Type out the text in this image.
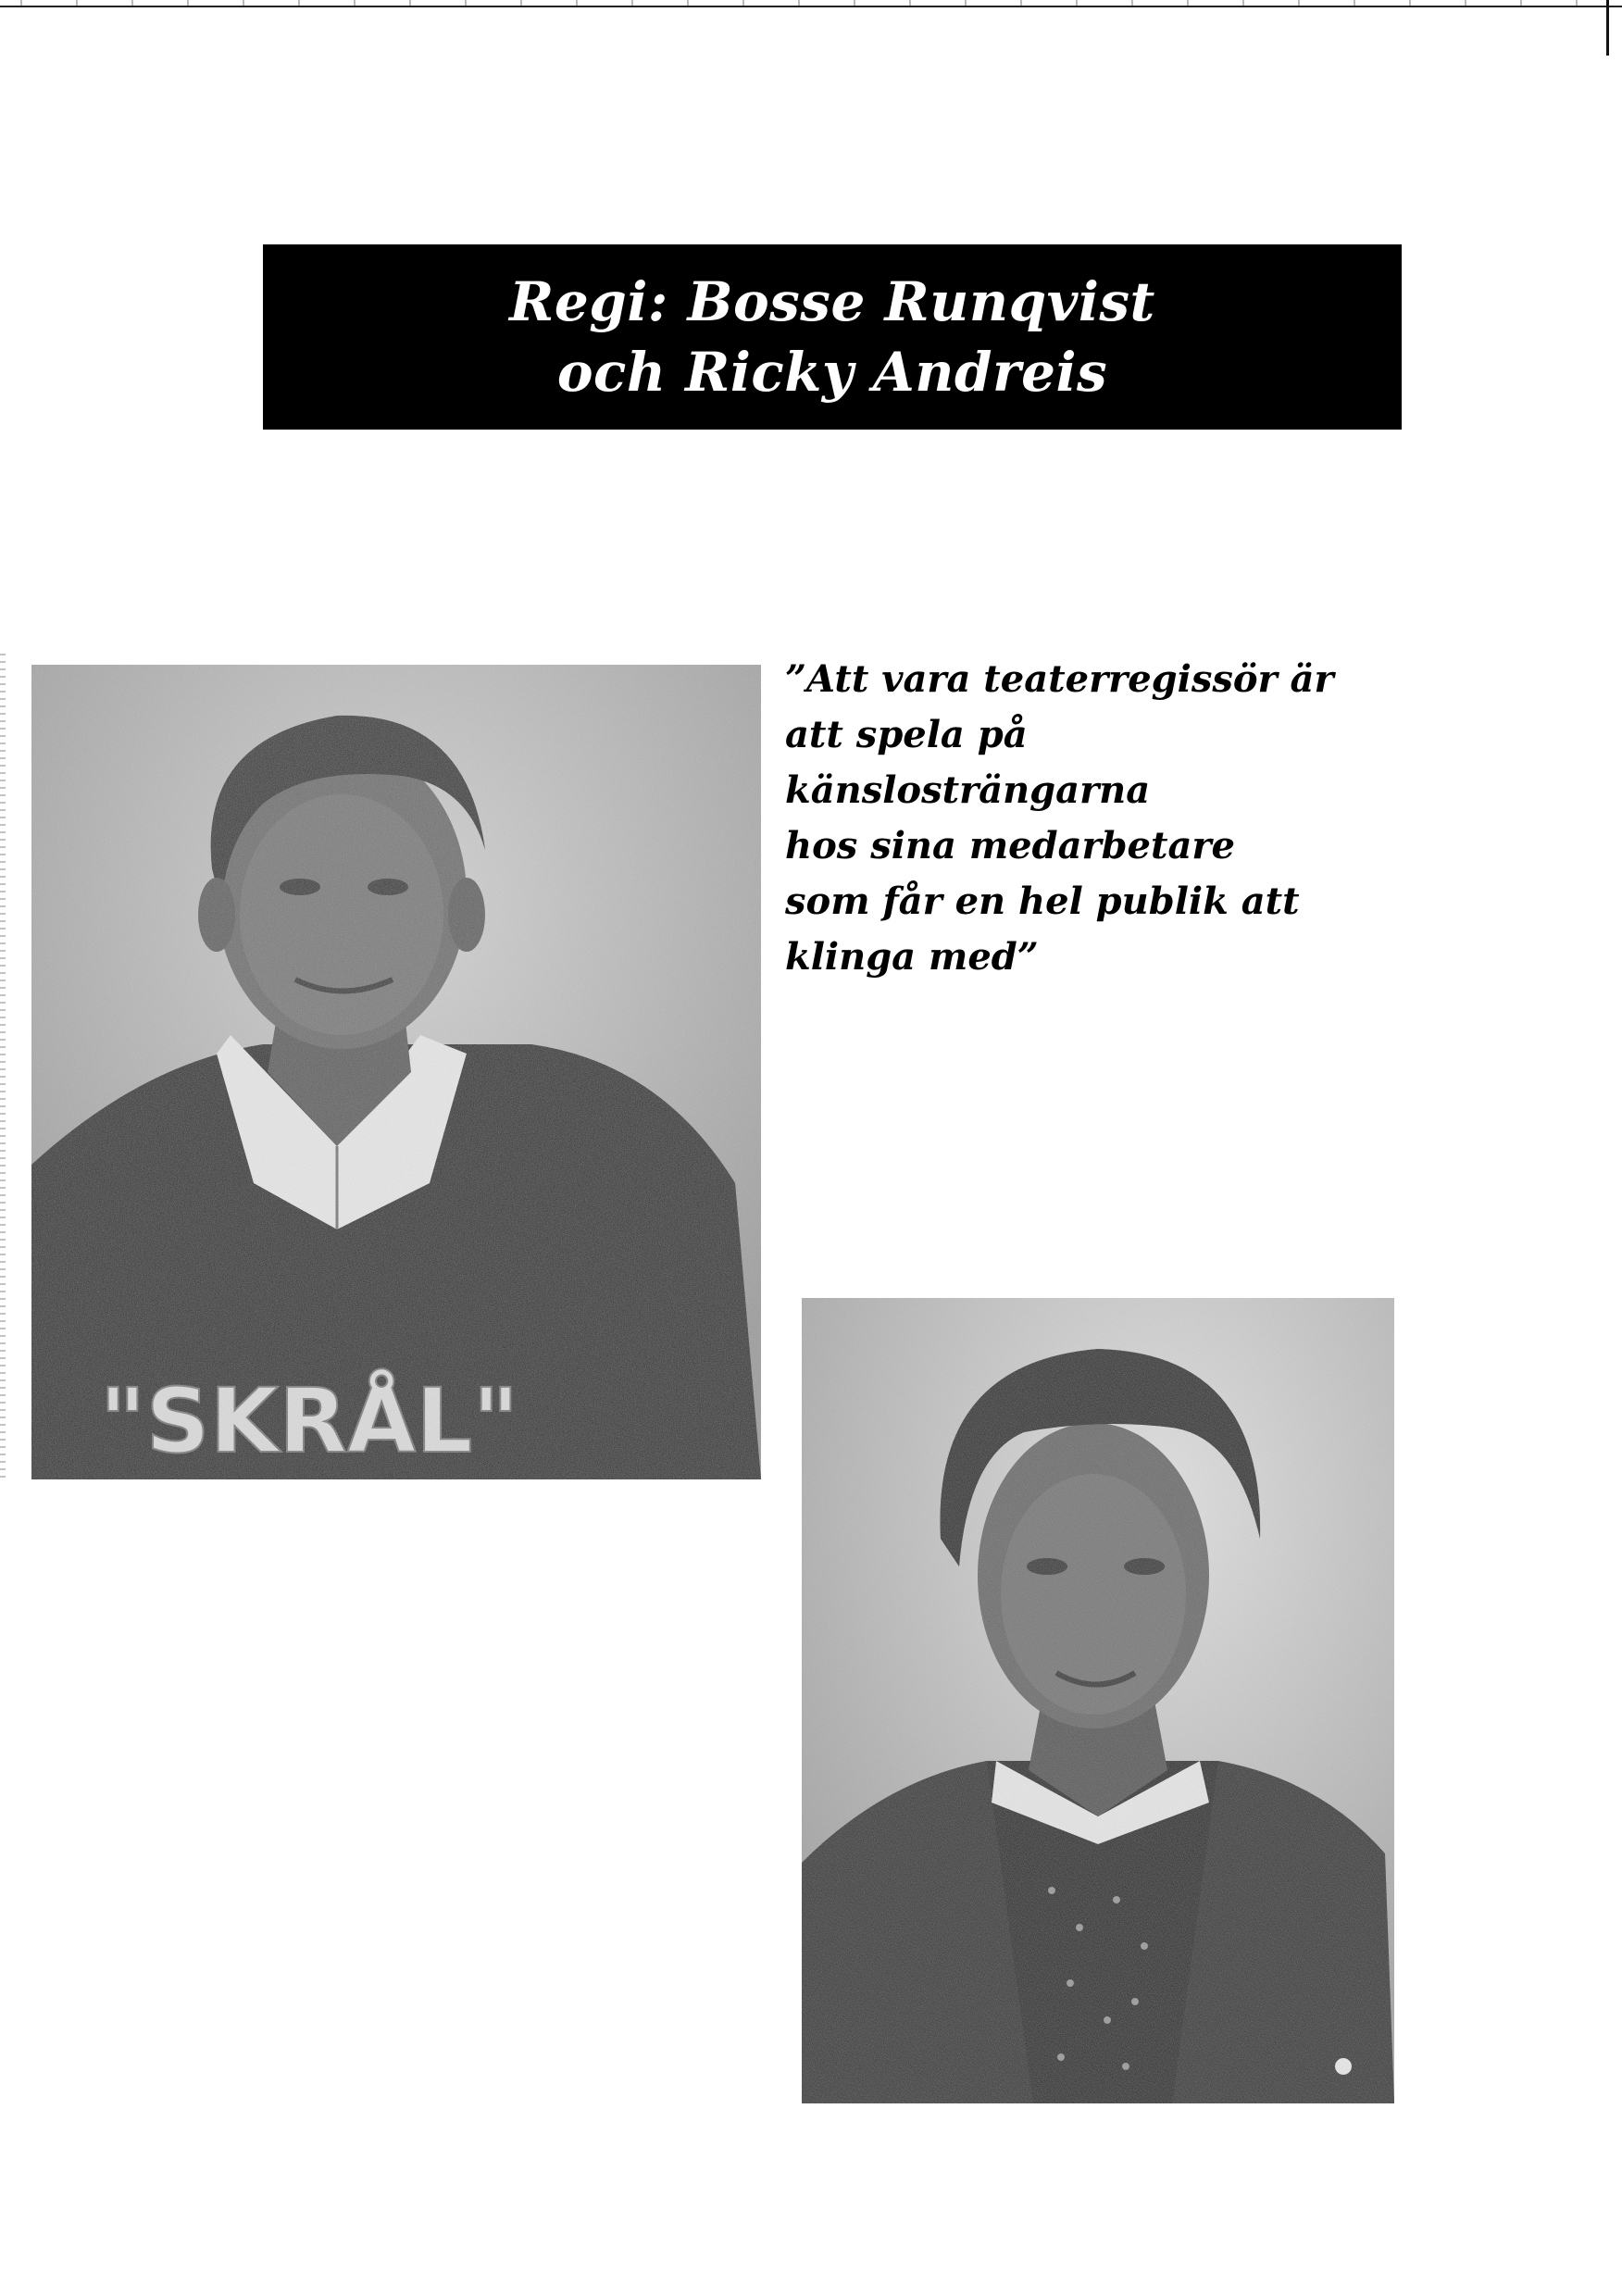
Regi: Bosse Runqvist
och Ricky Andreis
"SKRÅL"
”Att vara teaterregissör är
att spela på
känslosträngarna
hos sina medarbetare
som får en hel publik att
klinga med”
